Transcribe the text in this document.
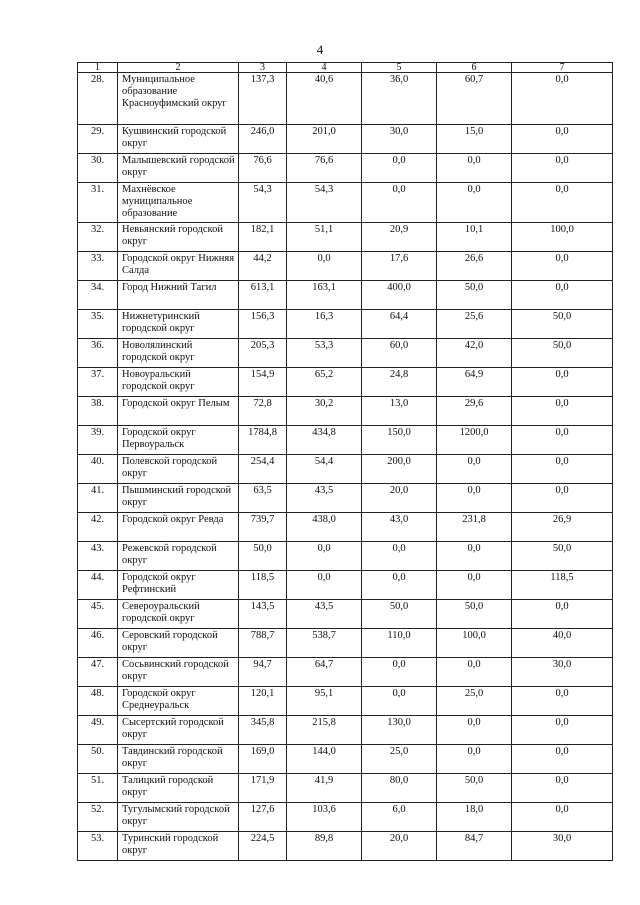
4
1	2	3	4	5	6	7
28.	Муниципальное образование Красноуфимский округ	137,3	40,6	36,0	60,7	0,0
29.	Кушвинский городской округ	246,0	201,0	30,0	15,0	0,0
30.	Малышевский городской округ	76,6	76,6	0,0	0,0	0,0
31.	Махнёвское муниципальное образование	54,3	54,3	0,0	0,0	0,0
32.	Невьянский городской округ	182,1	51,1	20,9	10,1	100,0
33.	Городской округ Нижняя Салда	44,2	0,0	17,6	26,6	0,0
34.	Город Нижний Тагил	613,1	163,1	400,0	50,0	0,0
35.	Нижнетуринский городской округ	156,3	16,3	64,4	25,6	50,0
36.	Новолялинский городской округ	205,3	53,3	60,0	42,0	50,0
37.	Новоуральский городской округ	154,9	65,2	24,8	64,9	0,0
38.	Городской округ Пелым	72,8	30,2	13,0	29,6	0,0
39.	Городской округ Первоуральск	1784,8	434,8	150,0	1200,0	0,0
40.	Полевской городской округ	254,4	54,4	200,0	0,0	0,0
41.	Пышминский городской округ	63,5	43,5	20,0	0,0	0,0
42.	Городской округ Ревда	739,7	438,0	43,0	231,8	26,9
43.	Режевской городской округ	50,0	0,0	0,0	0,0	50,0
44.	Городской округ Рефтинский	118,5	0,0	0,0	0,0	118,5
45.	Североуральский городской округ	143,5	43,5	50,0	50,0	0,0
46.	Серовский городской округ	788,7	538,7	110,0	100,0	40,0
47.	Сосьвинский городской округ	94,7	64,7	0,0	0,0	30,0
48.	Городской округ Среднеуральск	120,1	95,1	0,0	25,0	0,0
49.	Сысертский городской округ	345,8	215,8	130,0	0,0	0,0
50.	Тавдинский городской округ	169,0	144,0	25,0	0,0	0,0
51.	Талицкий городской округ	171,9	41,9	80,0	50,0	0,0
52.	Тугулымский городской округ	127,6	103,6	6,0	18,0	0,0
53.	Туринский городской округ	224,5	89,8	20,0	84,7	30,0
